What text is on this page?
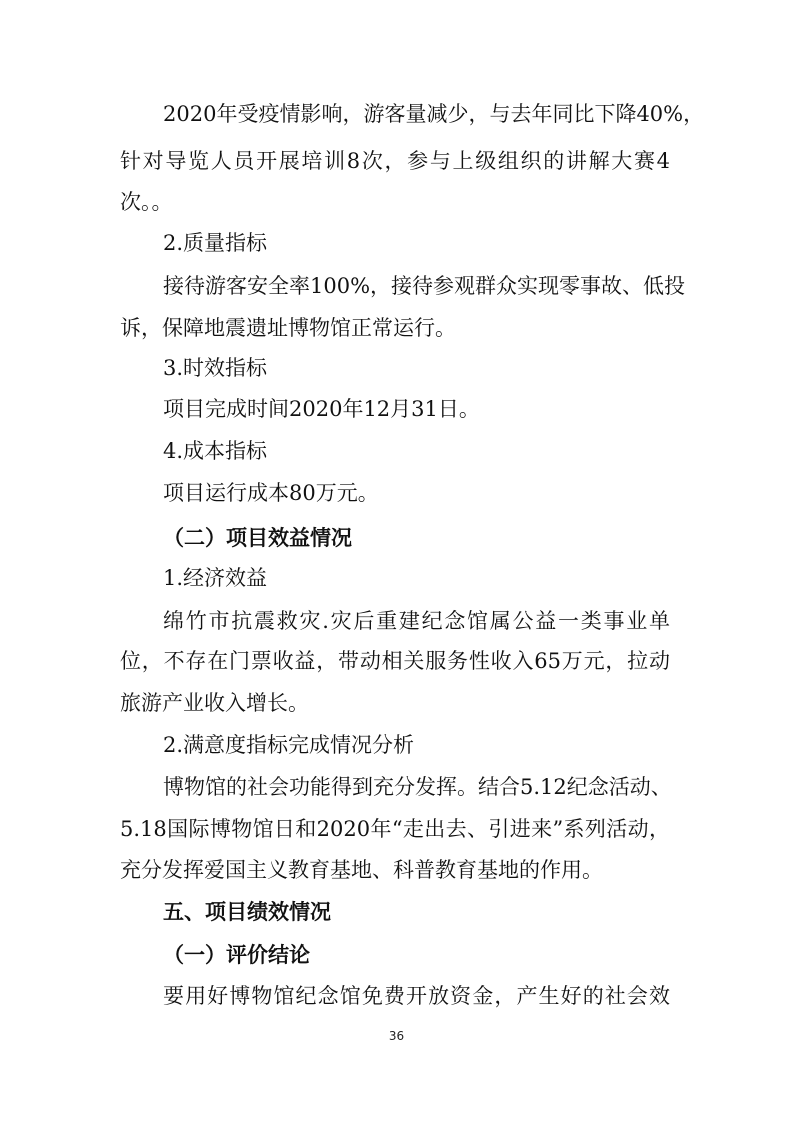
2020年受疫情影响，游客量减少，与去年同比下降40%，
针对导览人员开展培训8次，参与上级组织的讲解大赛4
次。。
2.质量指标
接待游客安全率100%，接待参观群众实现零事故、低投
诉，保障地震遗址博物馆正常运行。
3.时效指标
项目完成时间2020年12月31日。
4.成本指标
项目运行成本80万元。
（二）项目效益情况
1.经济效益
绵竹市抗震救灾.灾后重建纪念馆属公益一类事业单
位，不存在门票收益，带动相关服务性收入65万元，拉动
旅游产业收入增长。
2.满意度指标完成情况分析
博物馆的社会功能得到充分发挥。结合5.12纪念活动、
5.18国际博物馆日和2020年“走出去、引进来”系列活动，
充分发挥爱国主义教育基地、科普教育基地的作用。
五、项目绩效情况
（一）评价结论
要用好博物馆纪念馆免费开放资金，产生好的社会效
36
